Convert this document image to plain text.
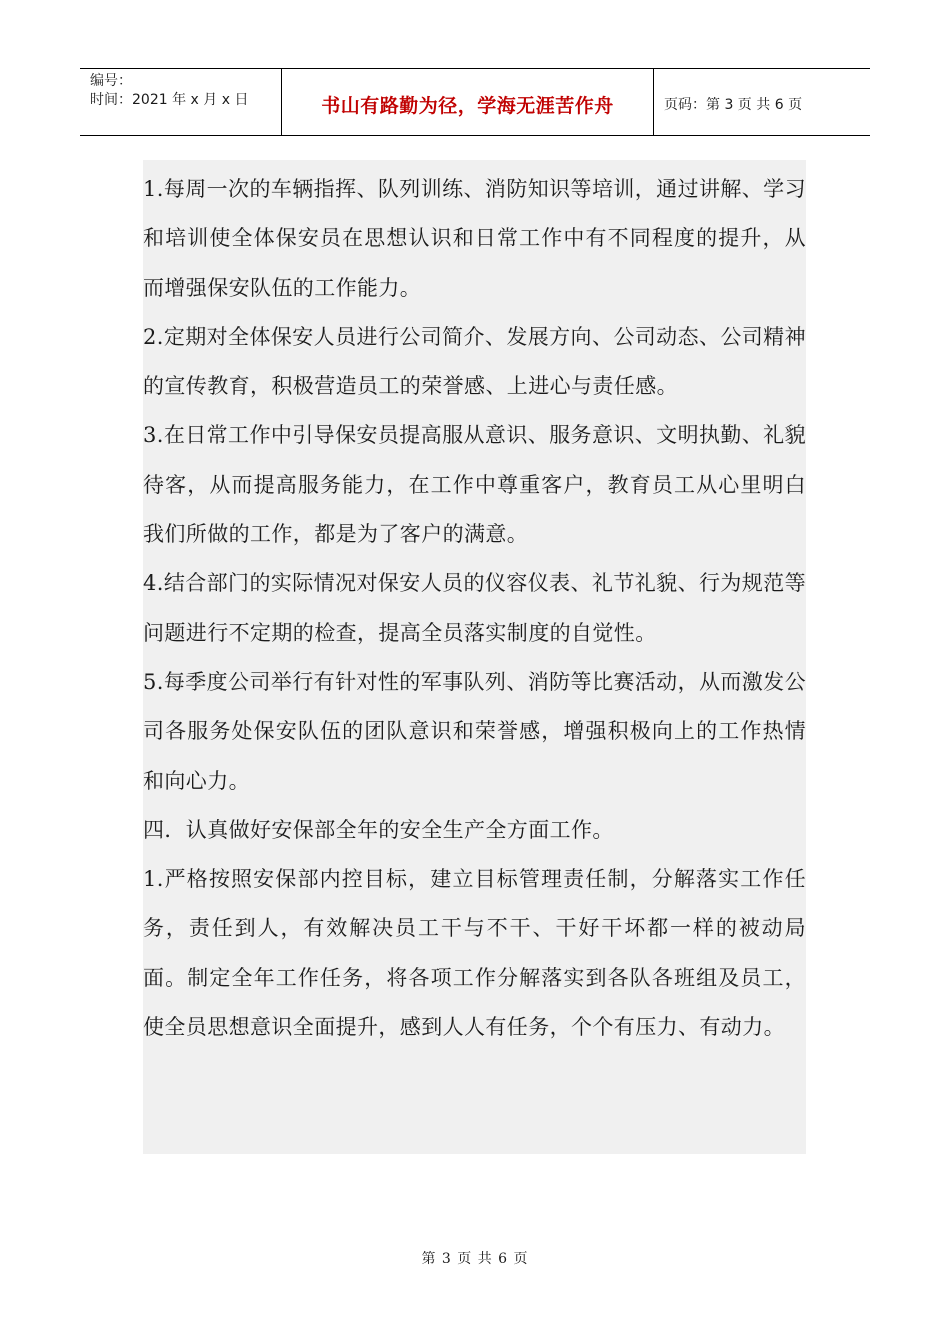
编号：
时间：2021 年 x 月 x 日	书山有路勤为径，学海无涯苦作舟	页码：第 3 页 共 6 页

1.每周一次的车辆指挥、队列训练、消防知识等培训，通过讲解、学习和培训使全体保安员在思想认识和日常工作中有不同程度的提升，从而增强保安队伍的工作能力。

2.定期对全体保安人员进行公司简介、发展方向、公司动态、公司精神的宣传教育，积极营造员工的荣誉感、上进心与责任感。

3.在日常工作中引导保安员提高服从意识、服务意识、文明执勤、礼貌待客，从而提高服务能力，在工作中尊重客户，教育员工从心里明白我们所做的工作，都是为了客户的满意。

4.结合部门的实际情况对保安人员的仪容仪表、礼节礼貌、行为规范等问题进行不定期的检查，提高全员落实制度的自觉性。

5.每季度公司举行有针对性的军事队列、消防等比赛活动，从而激发公司各服务处保安队伍的团队意识和荣誉感，增强积极向上的工作热情和向心力。

四．认真做好安保部全年的安全生产全方面工作。

1.严格按照安保部内控目标，建立目标管理责任制，分解落实工作任务，责任到人，有效解决员工干与不干、干好干坏都一样的被动局面。制定全年工作任务，将各项工作分解落实到各队各班组及员工，使全员思想意识全面提升，感到人人有任务，个个有压力、有动力。

第 3 页 共 6 页
